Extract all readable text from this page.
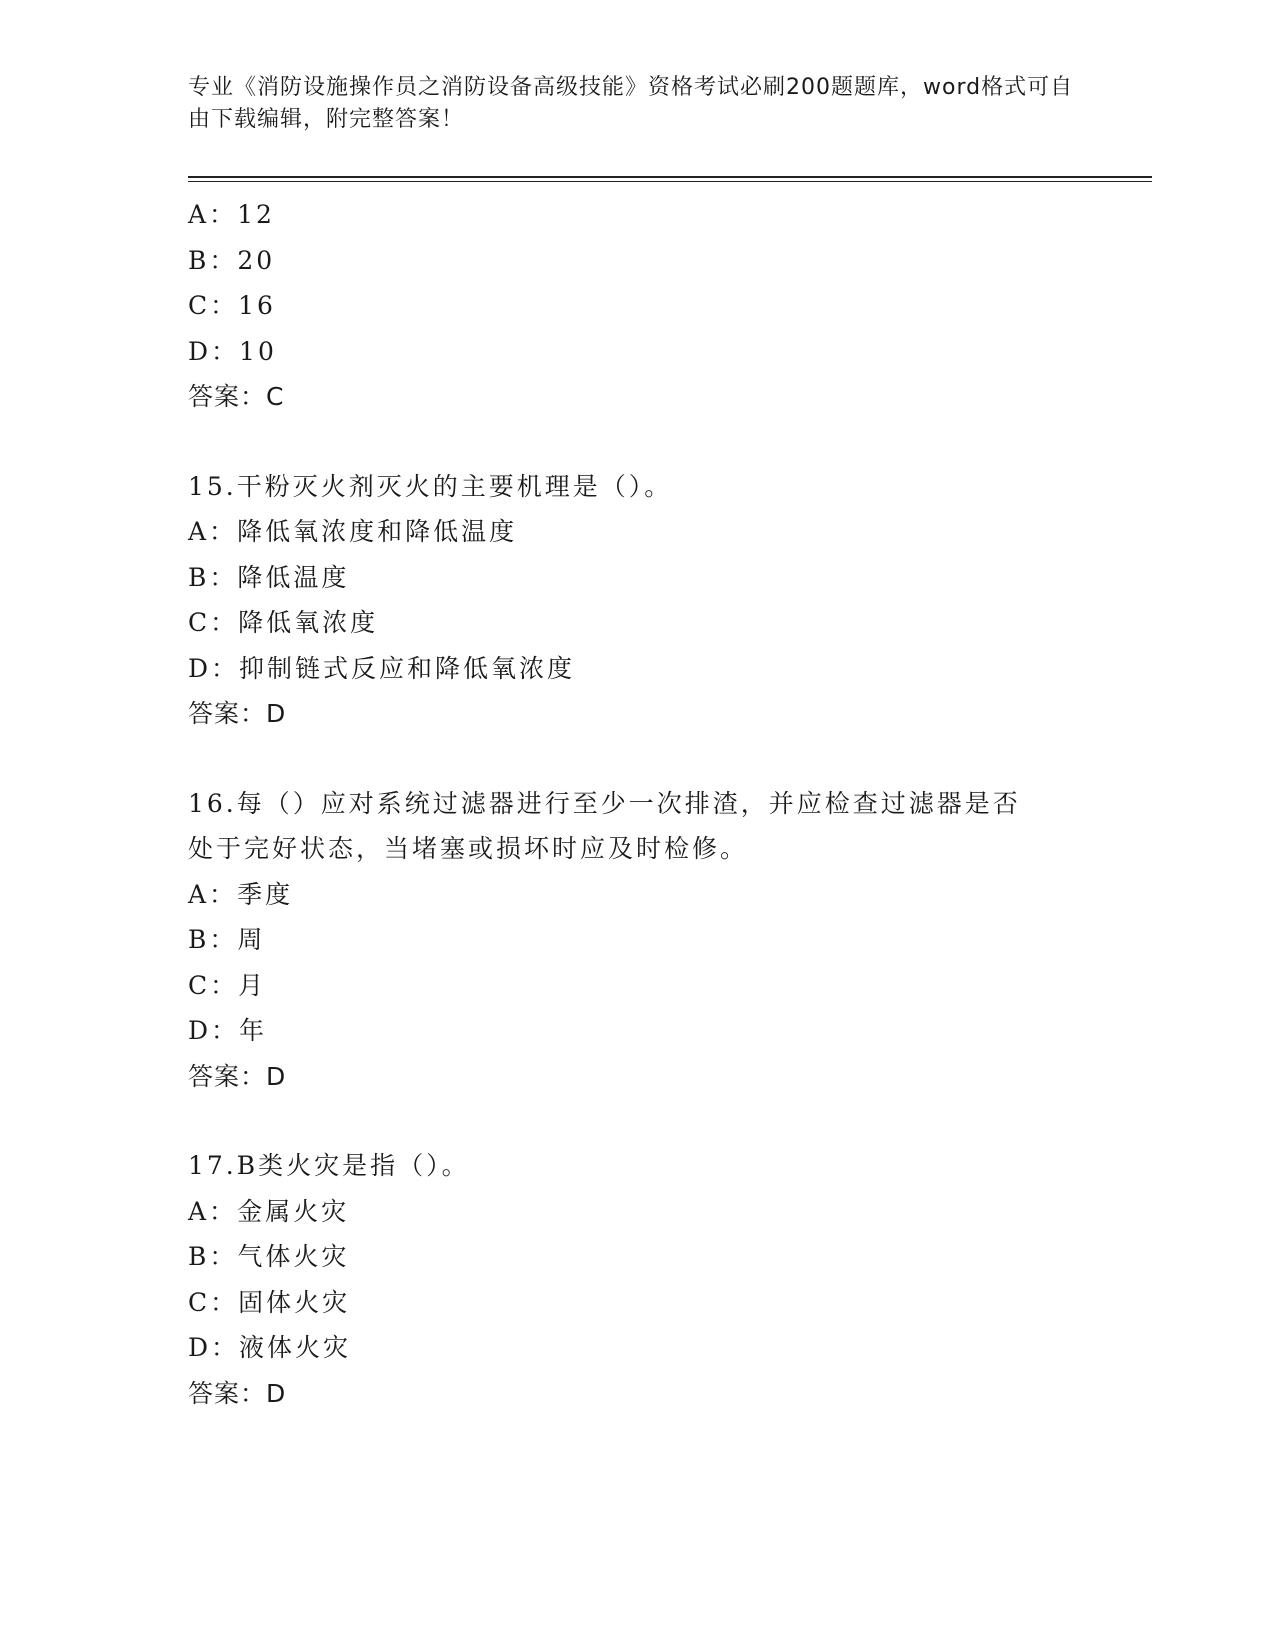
专业《消防设施操作员之消防设备高级技能》资格考试必刷200题题库，word格式可自由下载编辑，附完整答案！
A：12
B：20
C：16
D：10
答案：C
15.干粉灭火剂灭火的主要机理是（）。
A：降低氧浓度和降低温度
B：降低温度
C：降低氧浓度
D：抑制链式反应和降低氧浓度
答案：D
16.每（）应对系统过滤器进行至少一次排渣，并应检查过滤器是否处于完好状态，当堵塞或损坏时应及时检修。
A：季度
B：周
C：月
D：年
答案：D
17.B类火灾是指（）。
A：金属火灾
B：气体火灾
C：固体火灾
D：液体火灾
答案：D
